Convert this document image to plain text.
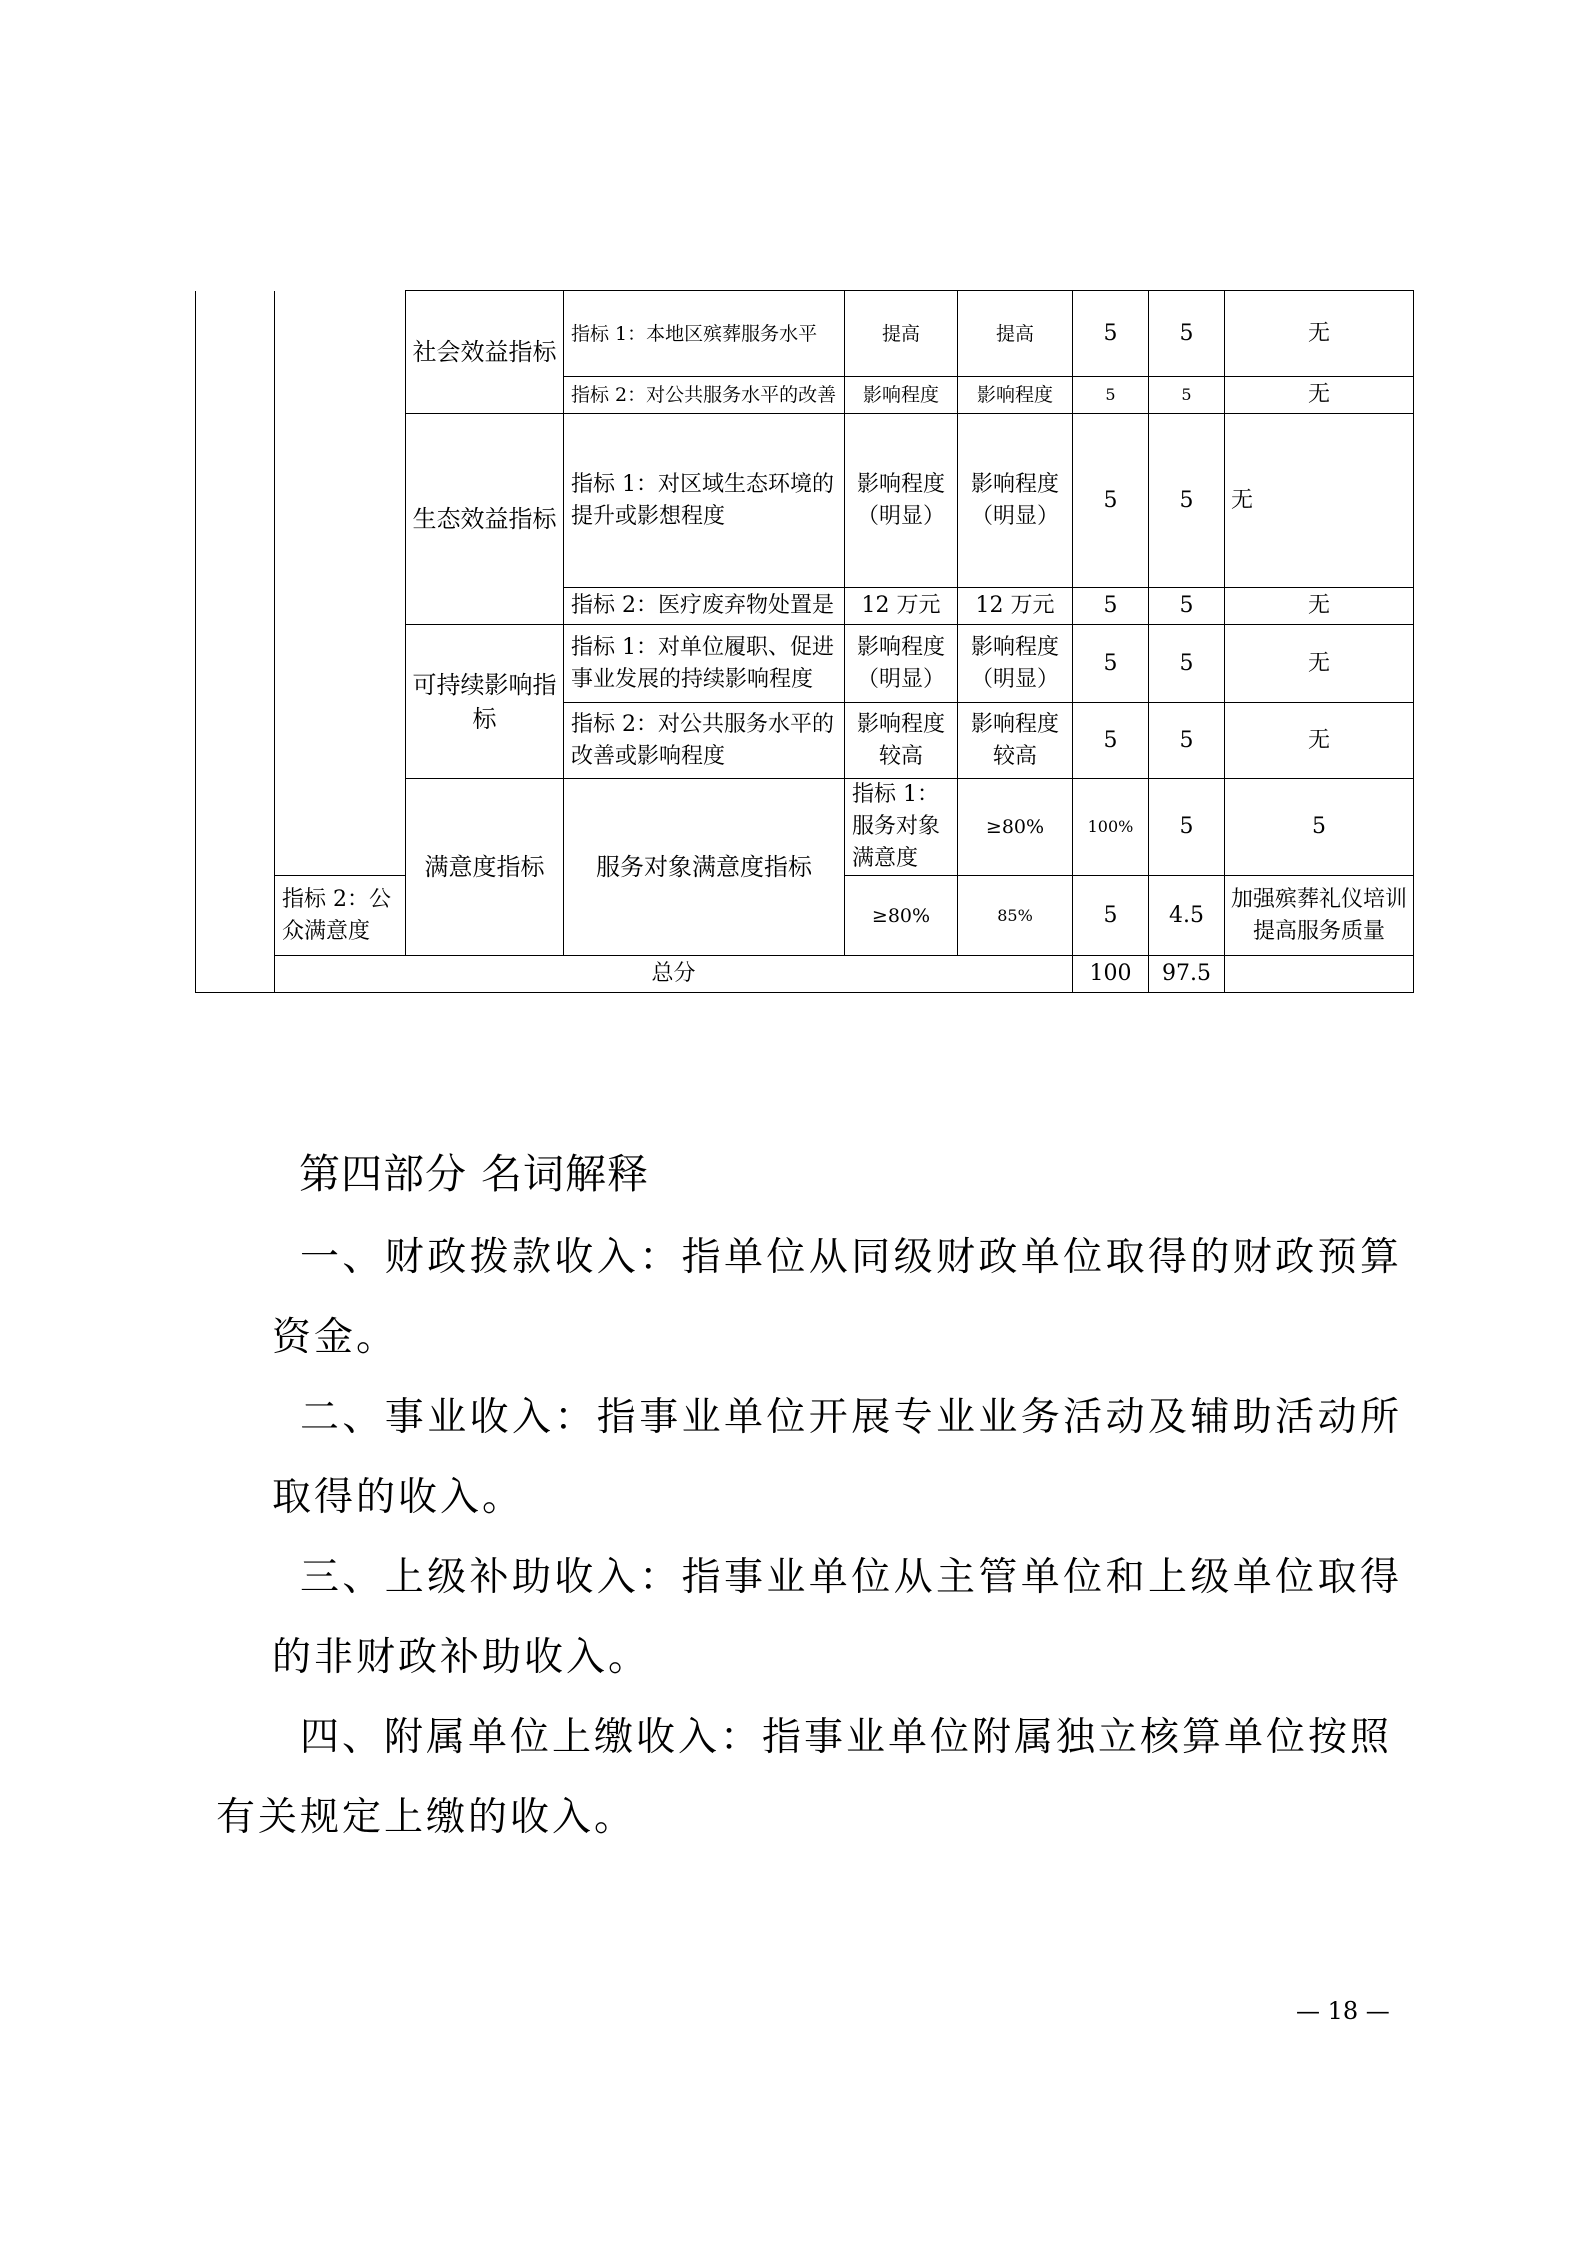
		社会效益指标	指标 1：本地区殡葬服务水平	提高	提高	5	5	无	
			指标 2：对公共服务水平的改善	影响程度	影响程度	5	5	无	
		生态效益指标	指标 1：对区域生态环境的提升或影想程度	影响程度（明显）	影响程度（明显）	5	5	无	
			指标 2：医疗废弃物处置是	12 万元	12 万元	5	5	无	
		可持续影响指标	指标 1：对单位履职、促进事业发展的持续影响程度	影响程度（明显）	影响程度（明显）	5	5	无	
			指标 2：对公共服务水平的改善或影响程度	影响程度较高	影响程度较高	5	5	无	
		满意度指标	服务对象满意度指标	指标 1：服务对象满意度	≥80%	100%	5	5	
	指标 2：公众满意度			≥80%	85%	5	4.5	加强殡葬礼仪培训提高服务质量	
	总分					100	97.5		
第四部分 名词解释
一、财政拨款收入：指单位从同级财政单位取得的财政预算资金。
二、事业收入：指事业单位开展专业业务活动及辅助活动所取得的收入。
三、上级补助收入：指事业单位从主管单位和上级单位取得的非财政补助收入。
四、附属单位上缴收入：指事业单位附属独立核算单位按照
有关规定上缴的收入。
— 18 —
